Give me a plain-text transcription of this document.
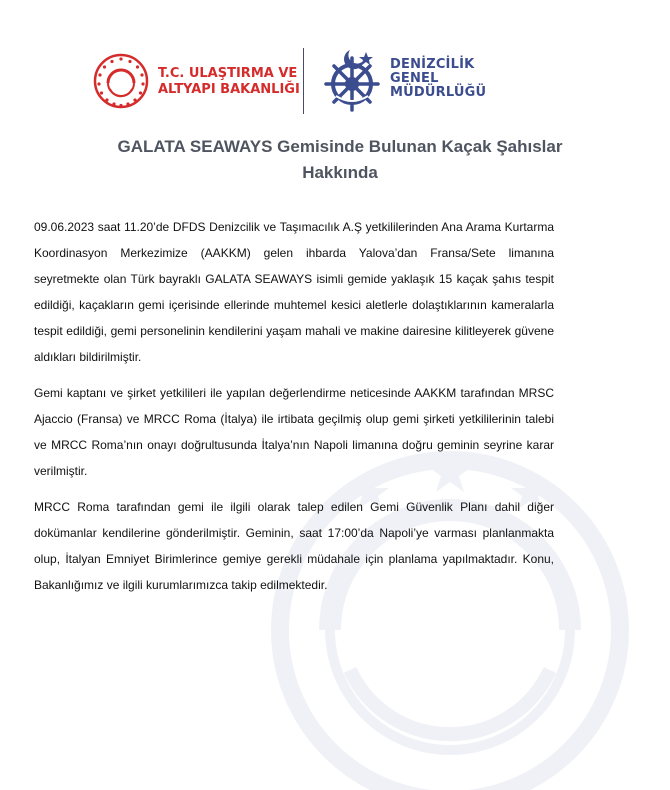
T.C. ULAŞTIRMA VE
ALTYAPI BAKANLIĞI
DENİZCİLİK
GENEL
MÜDÜRLÜĞÜ
GALATA SEAWAYS Gemisinde Bulunan Kaçak Şahıslar
Hakkında

09.06.2023 saat 11.20’de DFDS Denizcilik ve Taşımacılık A.Ş yetkililerinden Ana Arama Kurtarma Koordinasyon Merkezimize (AAKKM) gelen ihbarda Yalova’dan Fransa/Sete limanına seyretmekte olan Türk bayraklı GALATA SEAWAYS isimli gemide yaklaşık 15 kaçak şahıs tespit edildiği, kaçakların gemi içerisinde ellerinde muhtemel kesici aletlerle dolaştıklarının kameralarla tespit edildiği, gemi personelinin kendilerini yaşam mahali ve makine dairesine kilitleyerek güvene aldıkları bildirilmiştir.

Gemi kaptanı ve şirket yetkilileri ile yapılan değerlendirme neticesinde AAKKM tarafından MRSC Ajaccio (Fransa) ve MRCC Roma (İtalya) ile irtibata geçilmiş olup gemi şirketi yetkililerinin talebi ve MRCC Roma’nın onayı doğrultusunda İtalya’nın Napoli limanına doğru geminin seyrine karar verilmiştir.

MRCC Roma tarafından gemi ile ilgili olarak talep edilen Gemi Güvenlik Planı dahil diğer dokümanlar kendilerine gönderilmiştir. Geminin, saat 17:00’da Napoli’ye varması planlanmakta olup, İtalyan Emniyet Birimlerince gemiye gerekli müdahale için planlama yapılmaktadır. Konu, Bakanlığımız ve ilgili kurumlarımızca takip edilmektedir.
